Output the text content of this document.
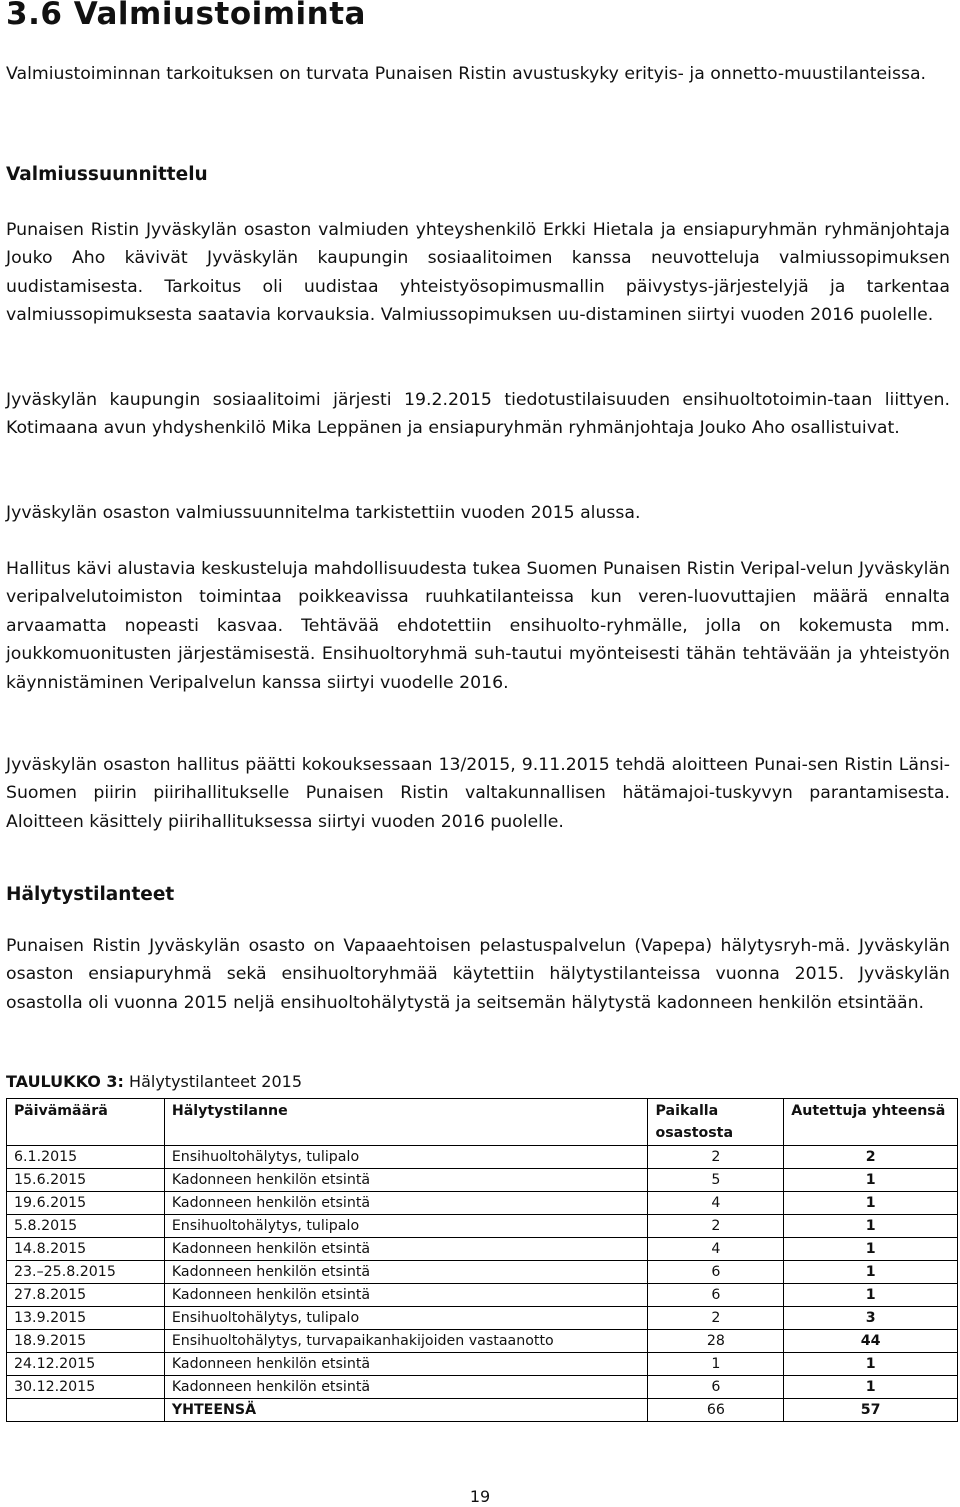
3.6 Valmiustoiminta

Valmiustoiminnan tarkoituksen on turvata Punaisen Ristin avustuskyky erityis- ja onnetto-muustilanteissa.

Valmiussuunnittelu

Punaisen Ristin Jyväskylän osaston valmiuden yhteyshenkilö Erkki Hietala ja ensiapuryhmän ryhmänjohtaja Jouko Aho kävivät Jyväskylän kaupungin sosiaalitoimen kanssa neuvotteluja valmiussopimuksen uudistamisesta. Tarkoitus oli uudistaa yhteistyösopimusmallin päivystys-järjestelyjä ja tarkentaa valmiussopimuksesta saatavia korvauksia. Valmiussopimuksen uu-distaminen siirtyi vuoden 2016 puolelle.

Jyväskylän kaupungin sosiaalitoimi järjesti 19.2.2015 tiedotustilaisuuden ensihuoltotoimin-taan liittyen. Kotimaana avun yhdyshenkilö Mika Leppänen ja ensiapuryhmän ryhmänjohtaja Jouko Aho osallistuivat.

Jyväskylän osaston valmiussuunnitelma tarkistettiin vuoden 2015 alussa.

Hallitus kävi alustavia keskusteluja mahdollisuudesta tukea Suomen Punaisen Ristin Veripal-velun Jyväskylän veripalvelutoimiston toimintaa poikkeavissa ruuhkatilanteissa kun veren-luovuttajien määrä ennalta arvaamatta nopeasti kasvaa. Tehtävää ehdotettiin ensihuolto-ryhmälle, jolla on kokemusta mm. joukkomuonitusten järjestämisestä. Ensihuoltoryhmä suh-tautui myönteisesti tähän tehtävään ja yhteistyön käynnistäminen Veripalvelun kanssa siirtyi vuodelle 2016.

Jyväskylän osaston hallitus päätti kokouksessaan 13/2015, 9.11.2015 tehdä aloitteen Punai-sen Ristin Länsi-Suomen piirin piirihallitukselle Punaisen Ristin valtakunnallisen hätämajoi-tuskyvyn parantamisesta. Aloitteen käsittely piirihallituksessa siirtyi vuoden 2016 puolelle.

Hälytystilanteet

Punaisen Ristin Jyväskylän osasto on Vapaaehtoisen pelastuspalvelun (Vapepa) hälytysryh-mä. Jyväskylän osaston ensiapuryhmä sekä ensihuoltoryhmää käytettiin hälytystilanteissa vuonna 2015. Jyväskylän osastolla oli vuonna 2015 neljä ensihuoltohälytystä ja seitsemän hälytystä kadonneen henkilön etsintään.

TAULUKKO 3: Hälytystilanteet 2015
Päivämäärä	Hälytystilanne	Paikalla osastosta	Autettuja yhteensä
6.1.2015	Ensihuoltohälytys, tulipalo	2	2
15.6.2015	Kadonneen henkilön etsintä	5	1
19.6.2015	Kadonneen henkilön etsintä	4	1
5.8.2015	Ensihuoltohälytys, tulipalo	2	1
14.8.2015	Kadonneen henkilön etsintä	4	1
23.–25.8.2015	Kadonneen henkilön etsintä	6	1
27.8.2015	Kadonneen henkilön etsintä	6	1
13.9.2015	Ensihuoltohälytys, tulipalo	2	3
18.9.2015	Ensihuoltohälytys, turvapaikanhakijoiden vastaanotto	28	44
24.12.2015	Kadonneen henkilön etsintä	1	1
30.12.2015	Kadonneen henkilön etsintä	6	1
	YHTEENSÄ	66	57
19
